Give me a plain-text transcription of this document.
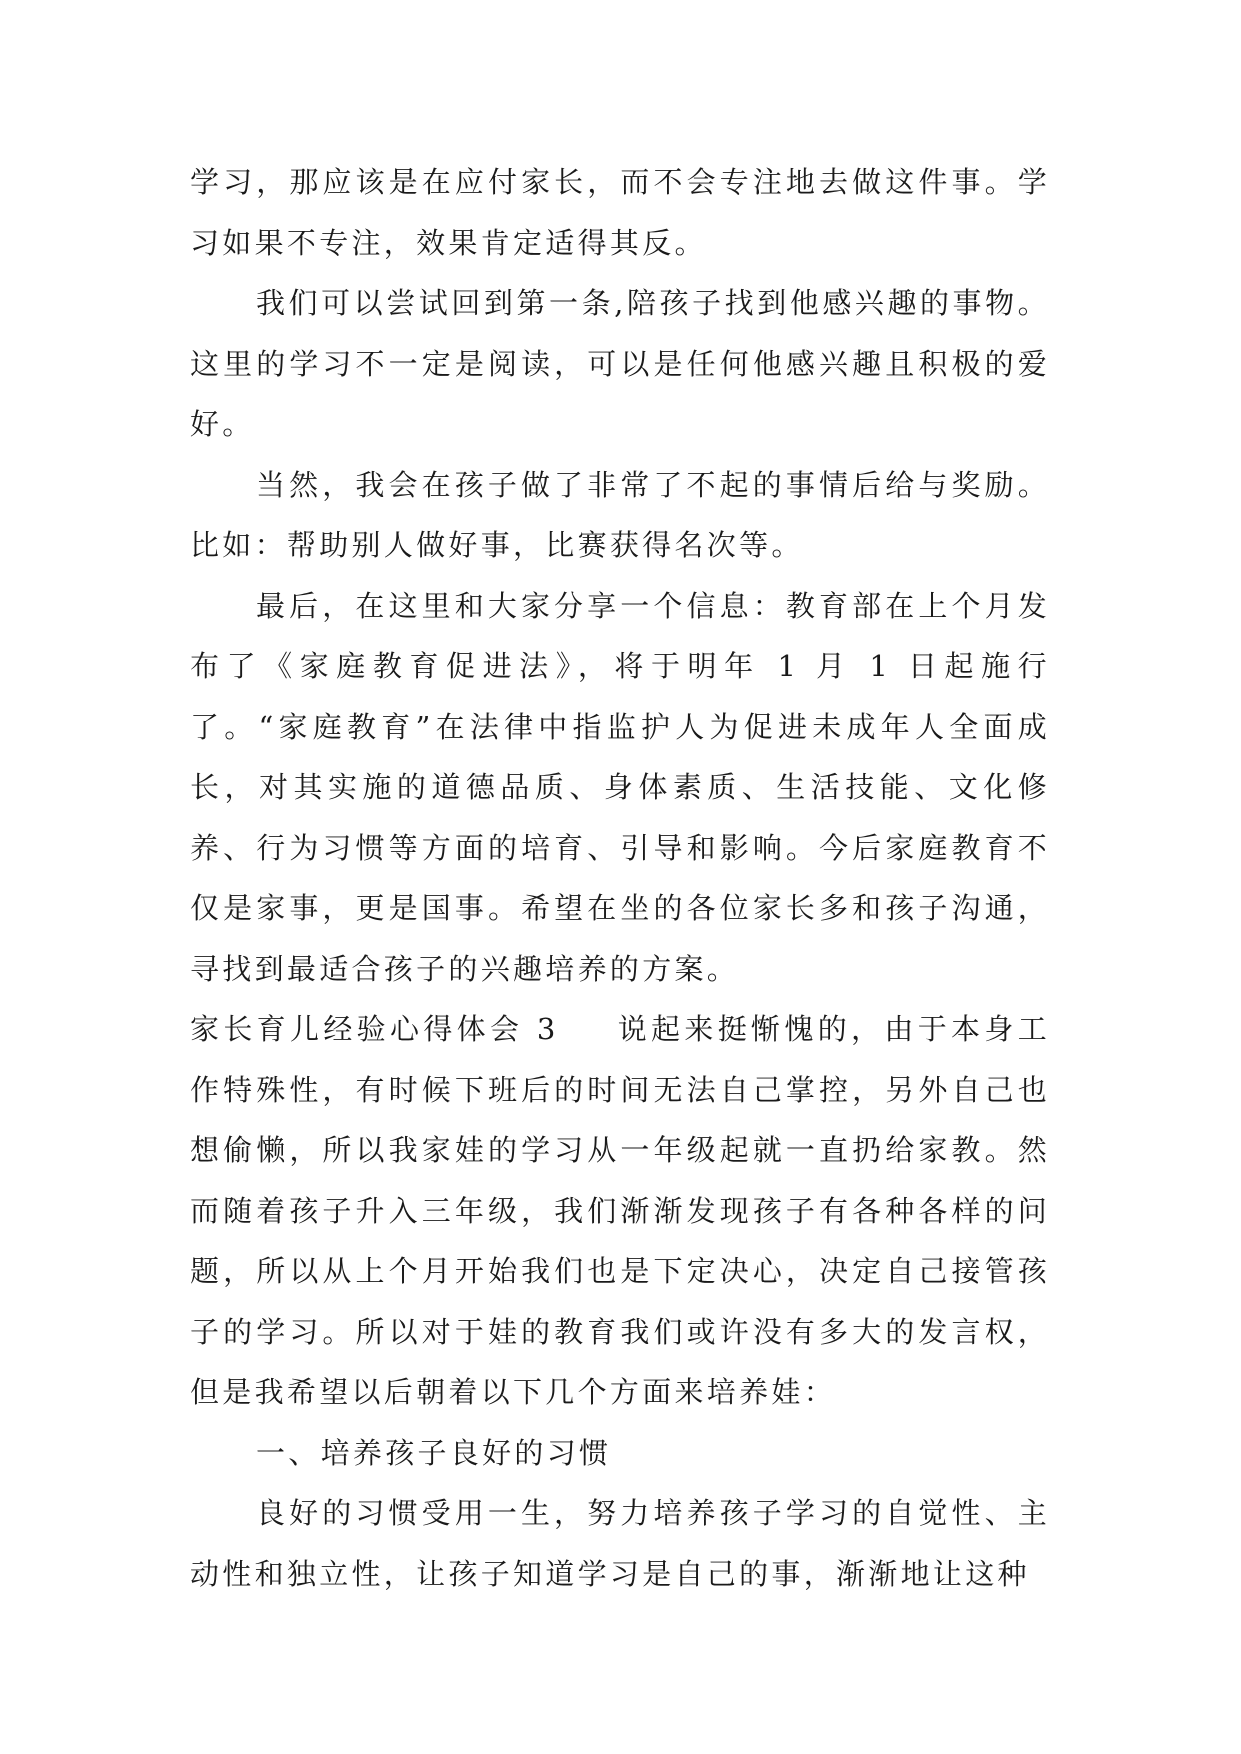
学习，那应该是在应付家长，而不会专注地去做这件事。学习如果不专注，效果肯定适得其反。

我们可以尝试回到第一条,陪孩子找到他感兴趣的事物。这里的学习不一定是阅读，可以是任何他感兴趣且积极的爱好。

当然，我会在孩子做了非常了不起的事情后给与奖励。比如：帮助别人做好事，比赛获得名次等。

最后，在这里和大家分享一个信息：教育部在上个月发布了《家庭教育促进法》，将于明年 1 月 1 日起施行了。“家庭教育”在法律中指监护人为促进未成年人全面成长，对其实施的道德品质、身体素质、生活技能、文化修养、行为习惯等方面的培育、引导和影响。今后家庭教育不仅是家事，更是国事。希望在坐的各位家长多和孩子沟通，寻找到最适合孩子的兴趣培养的方案。

家长育儿经验心得体会 3 说起来挺惭愧的，由于本身工作特殊性，有时候下班后的时间无法自己掌控，另外自己也想偷懒，所以我家娃的学习从一年级起就一直扔给家教。然而随着孩子升入三年级，我们渐渐发现孩子有各种各样的问题，所以从上个月开始我们也是下定决心，决定自己接管孩子的学习。所以对于娃的教育我们或许没有多大的发言权，但是我希望以后朝着以下几个方面来培养娃：

一、培养孩子良好的习惯

良好的习惯受用一生，努力培养孩子学习的自觉性、主动性和独立性，让孩子知道学习是自己的事，渐渐地让这种
